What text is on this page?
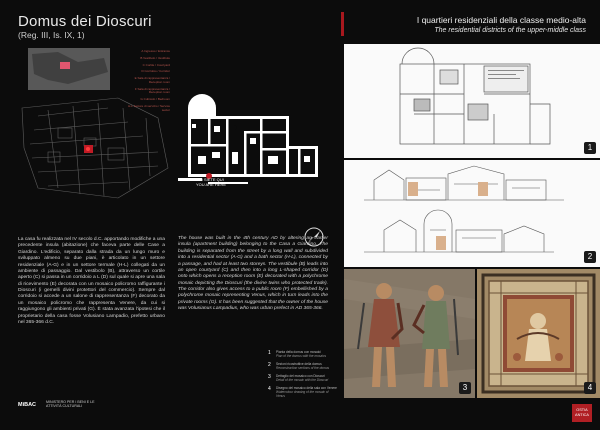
Domus dei Dioscuri
(Reg. III, Is. IX, 1)
A Ingresso / Entrance
B Vestibolo / Vestibule
C Cortile / Courtyard
D Corridoio / Corridor
E Sala di rappresentanza / Reception room
F Sala di rappresentanza / Reception room
G Cubicolo / Bedroom
H-L Settore di servizio / Service sector	A
B
C
D
E	F
G
H
I
L
VOI SIETE QUI
YOU ARE HERE
La casa fu realizzata nel IV secolo d.C. apportando modifiche a una precedente insula (abitazione) che faceva parte delle Case a Giardino. L'edificio, separato dalla strada da un lungo muro e sviluppato almeno su due piani, è articolato in un settore residenziale (A-G) e in un settore termale (H-L) collegati da un ambiente di passaggio. Dal vestibolo (B), attraverso un cortile aperto (C) si passa in un corridoio a L (D) sul quale si apre una sala di ricevimento (E) decorata con un mosaico policromo raffigurante i Dioscuri (i gemelli divini protettori del commercio). Sempre dal corridoio si accede a un salone di rappresentanza (F) decorato da un mosaico policromo che rappresenta Venere, da cui si raggiungono gli ambienti privati (G). È stata avanzata l'ipotesi che il proprietario della casa fosse Volusiano Lampadio, prefetto urbano nel 365-366 d.C.
The house was built in the 4th century AD by altering an earlier insula (apartment building) belonging to the Casa a Giardino. The building is separated from the street by a long wall and subdivided into a residential sector (A-G) and a bath sector (H-L), connected by a passage, and had at least two storeys. The vestibule (B) leads into an open courtyard (C) and then into a long L-shaped corridor (D) onto which opens a reception room (E) decorated with a polychrome mosaic depicting the Dioscuri (the divine twins who protected trade). The corridor also gives access to a public room (F) embellished by a polychrome mosaic representing Venus, which in turn leads into the private rooms (G). It has been suggested that the owner of the house was Volusianus Lampadius, who was urban prefect in AD 365-366.
1	Pianta della domus con mosaici
Plan of the domus with the mosaics
2	Sezioni ricostruttive della domus
Reconstruction sections of the domus
3	Dettaglio del mosaico con Dioscuri
Detail of the mosaic with the Dioscuri
4	Disegno del mosaico della sala con Venere
Watercolour drawing of the mosaic of Venus
MiBAC	MINISTERO PER I BENI E LE ATTIVITÀ CULTURALI
I quartieri residenziali della classe medio-alta
The residential districts of the upper-middle class
1
2
3	4
OSTIA ANTICA
